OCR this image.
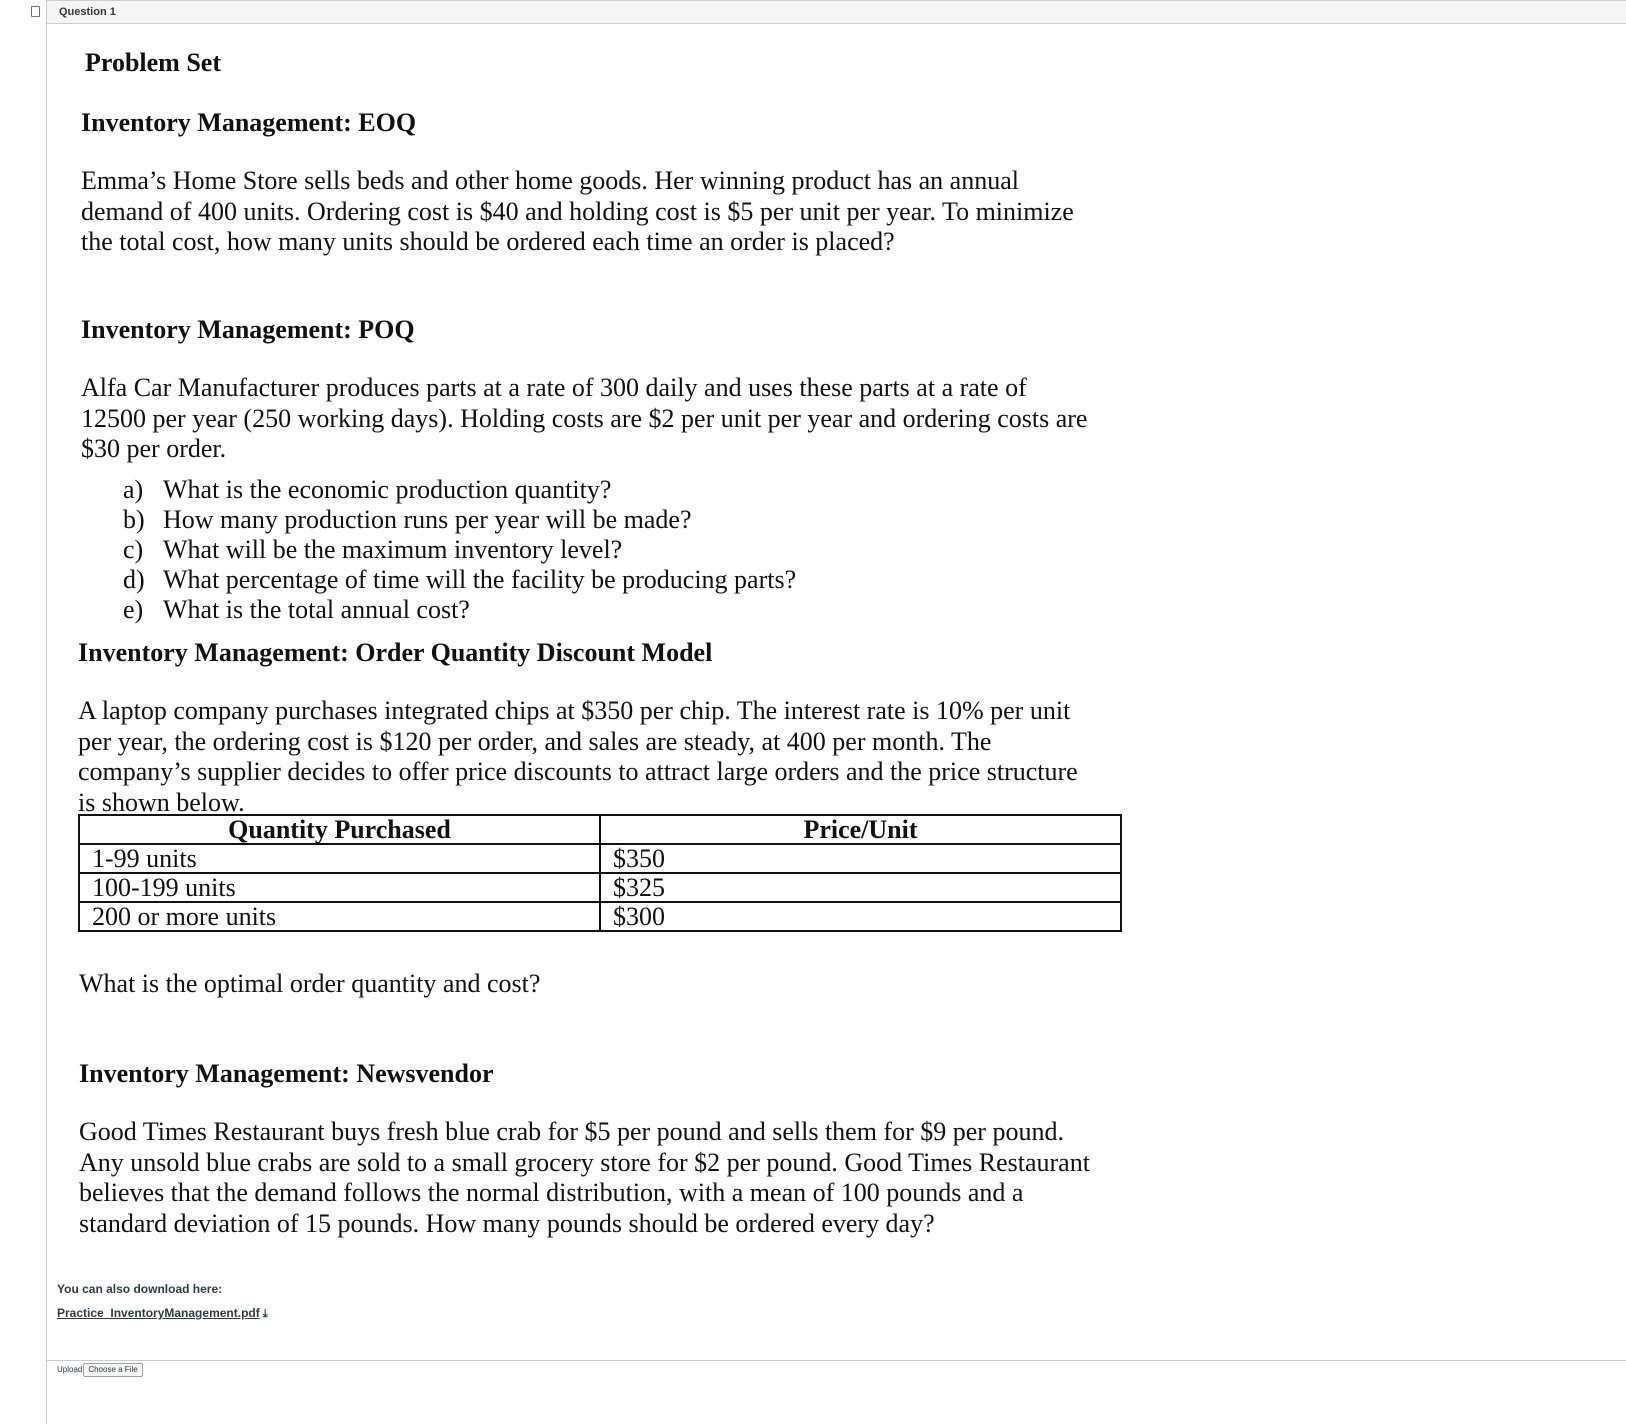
Question 1
Problem Set
Inventory Management: EOQ
Emma’s Home Store sells beds and other home goods. Her winning product has an annual
demand of 400 units. Ordering cost is $40 and holding cost is $5 per unit per year. To minimize
the total cost, how many units should be ordered each time an order is placed?
Inventory Management: POQ
Alfa Car Manufacturer produces parts at a rate of 300 daily and uses these parts at a rate of
12500 per year (250 working days). Holding costs are $2 per unit per year and ordering costs are
$30 per order.
a) What is the economic production quantity?
b) How many production runs per year will be made?
c) What will be the maximum inventory level?
d) What percentage of time will the facility be producing parts?
e) What is the total annual cost?
Inventory Management: Order Quantity Discount Model
A laptop company purchases integrated chips at $350 per chip. The interest rate is 10% per unit
per year, the ordering cost is $120 per order, and sales are steady, at 400 per month. The
company’s supplier decides to offer price discounts to attract large orders and the price structure
is shown below.
Quantity Purchased	Price/Unit
1-99 units	$350
100-199 units	$325
200 or more units	$300
What is the optimal order quantity and cost?
Inventory Management: Newsvendor
Good Times Restaurant buys fresh blue crab for $5 per pound and sells them for $9 per pound.
Any unsold blue crabs are sold to a small grocery store for $2 per pound. Good Times Restaurant
believes that the demand follows the normal distribution, with a mean of 100 pounds and a
standard deviation of 15 pounds. How many pounds should be ordered every day?
You can also download here:
Practice_InventoryManagement.pdf ⤓
Upload Choose a File
